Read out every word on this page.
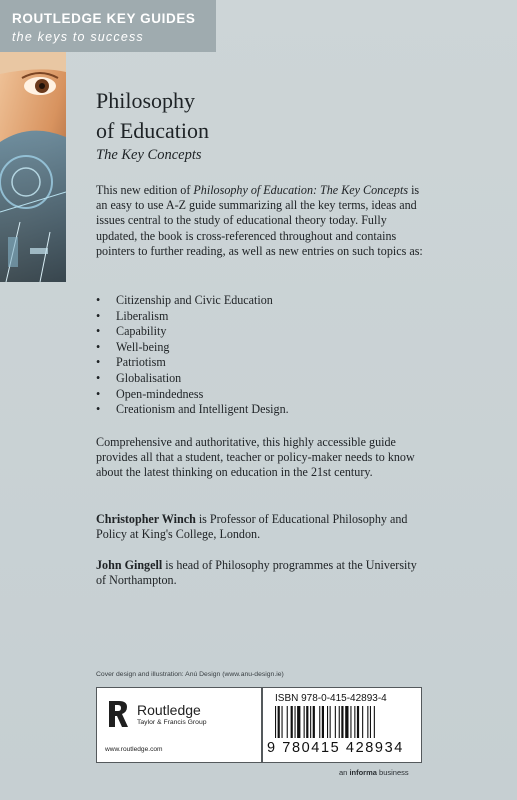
ROUTLEDGE KEY GUIDES
the keys to success
Philosophy
of Education
The Key Concepts
This new edition of Philosophy of Education: The Key Concepts is an easy to use A-Z guide summarizing all the key terms, ideas and issues central to the study of educational theory today. Fully updated, the book is cross-referenced throughout and contains pointers to further reading, as well as new entries on such topics as:
• Citizenship and Civic Education
• Liberalism
• Capability
• Well-being
• Patriotism
• Globalisation
• Open-mindedness
• Creationism and Intelligent Design.
Comprehensive and authoritative, this highly accessible guide provides all that a student, teacher or policy-maker needs to know about the latest thinking on education in the 21st century.
Christopher Winch is Professor of Educational Philosophy and Policy at King's College, London.
John Gingell is head of Philosophy programmes at the University of Northampton.
Cover design and illustration: Anú Design (www.anu-design.ie)
Routledge
Taylor & Francis Group
www.routledge.com
ISBN 978-0-415-42893-4
9 780415 428934
an informa business
